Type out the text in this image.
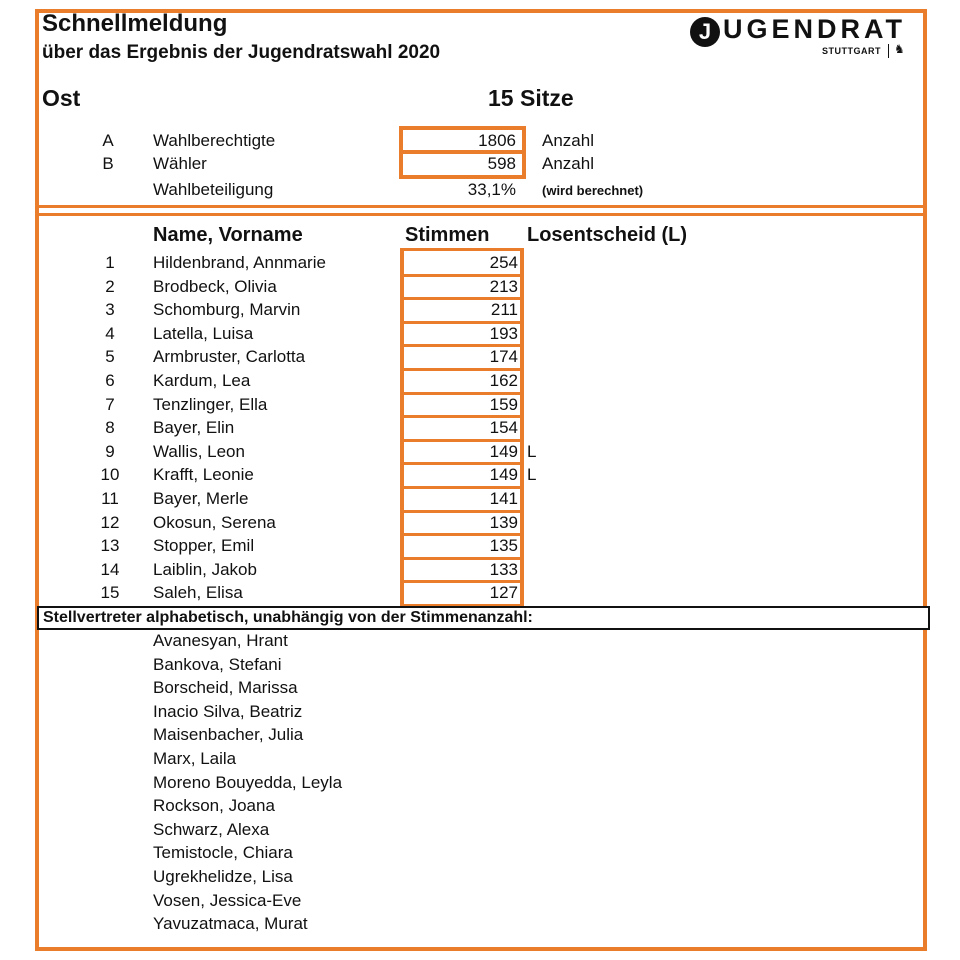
Schnellmeldung
über das Ergebnis der Jugendratswahl 2020
Ost	15 Sitze
J UGENDRAT
STUTTGART ♞
A Wahlberechtigte	1806 Anzahl
B Wähler	598 Anzahl
Wahlbeteiligung	33,1% (wird berechnet)
Name, Vorname	Stimmen Losentscheid (L)
1	Hildenbrand, Annmarie	254
2	Brodbeck, Olivia	213
3	Schomburg, Marvin	211
4	Latella, Luisa	193
5	Armbruster, Carlotta	174
6	Kardum, Lea	162
7	Tenzlinger, Ella	159
8	Bayer, Elin	154
9	Wallis, Leon	149 L
10	Krafft, Leonie	149 L
11	Bayer, Merle	141
12	Okosun, Serena	139
13	Stopper, Emil	135
14	Laiblin, Jakob	133
15	Saleh, Elisa	127
Stellvertreter alphabetisch, unabhängig von der Stimmenanzahl:
Avanesyan, Hrant
Bankova, Stefani
Borscheid, Marissa
Inacio Silva, Beatriz
Maisenbacher, Julia
Marx, Laila
Moreno Bouyedda, Leyla
Rockson, Joana
Schwarz, Alexa
Temistocle, Chiara
Ugrekhelidze, Lisa
Vosen, Jessica-Eve
Yavuzatmaca, Murat
